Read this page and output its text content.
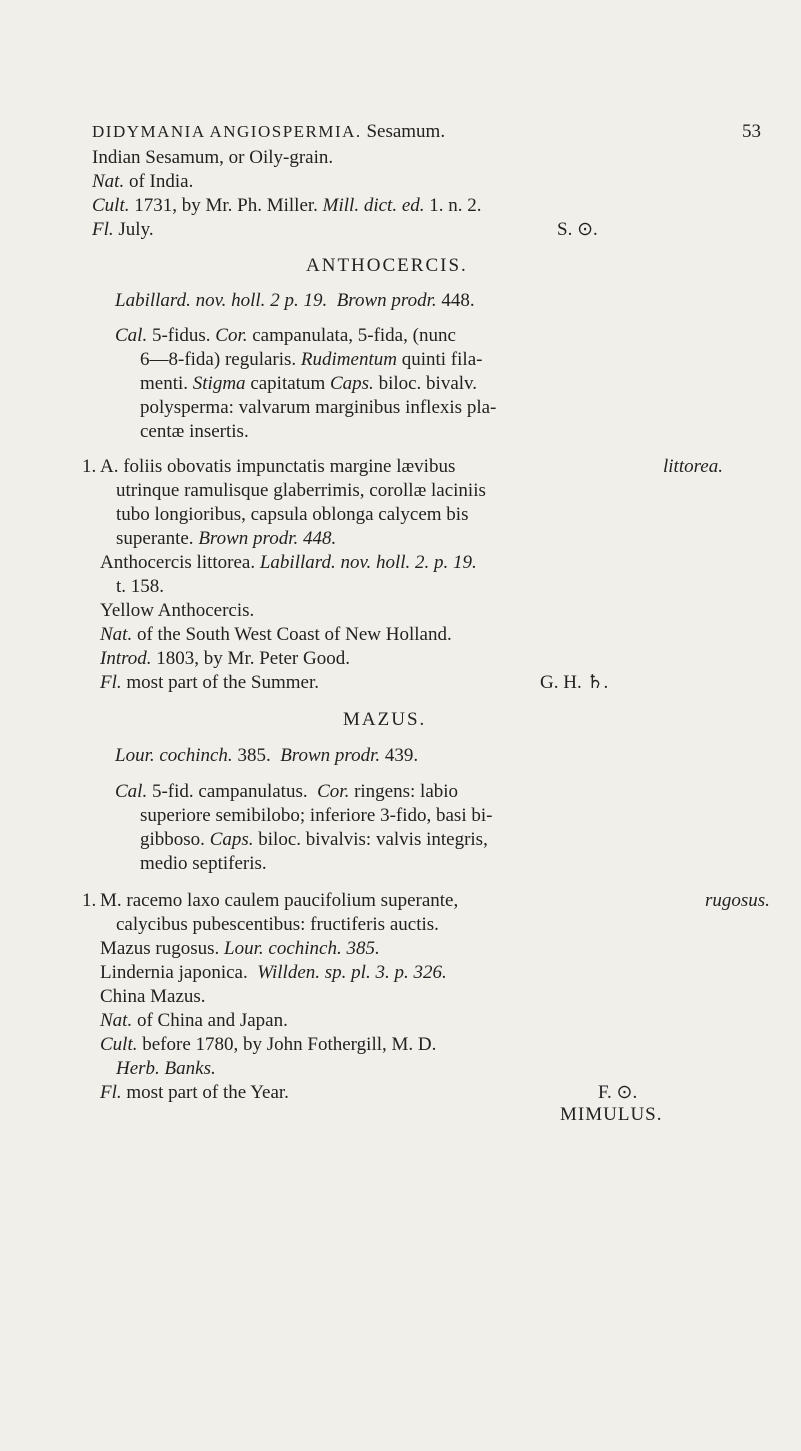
DIDYMANIA ANGIOSPERMIA. Sesamum.	53
Indian Sesamum, or Oily-grain.
Nat. of India.
Cult. 1731, by Mr. Ph. Miller. Mill. dict. ed. 1. n. 2.
Fl. July.	S. ⊙.
ANTHOCERCIS.
Labillard. nov. holl. 2 p. 19. Brown prodr. 448.
Cal. 5-fidus. Cor. campanulata, 5-fida, (nunc
6—8-fida) regularis. Rudimentum quinti fila-
menti. Stigma capitatum Caps. biloc. bivalv.
polysperma: valvarum marginibus inflexis pla-
centæ insertis.
1. A. foliis obovatis impunctatis margine lævibus	littorea.
utrinque ramulisque glaberrimis, corollæ laciniis
tubo longioribus, capsula oblonga calycem bis
superante. Brown prodr. 448.
Anthocercis littorea. Labillard. nov. holl. 2. p. 19.
t. 158.
Yellow Anthocercis.
Nat. of the South West Coast of New Holland.
Introd. 1803, by Mr. Peter Good.
Fl. most part of the Summer.	G. H. ♄.
MAZUS.
Lour. cochinch. 385. Brown prodr. 439.
Cal. 5-fid. campanulatus. Cor. ringens: labio
superiore semibilobo; inferiore 3-fido, basi bi-
gibboso. Caps. biloc. bivalvis: valvis integris,
medio septiferis.
1. M. racemo laxo caulem paucifolium superante,	rugosus.
calycibus pubescentibus: fructiferis auctis.
Mazus rugosus. Lour. cochinch. 385.
Lindernia japonica. Willden. sp. pl. 3. p. 326.
China Mazus.
Nat. of China and Japan.
Cult. before 1780, by John Fothergill, M. D.
Herb. Banks.
Fl. most part of the Year.	F. ⊙.
MIMULUS.
